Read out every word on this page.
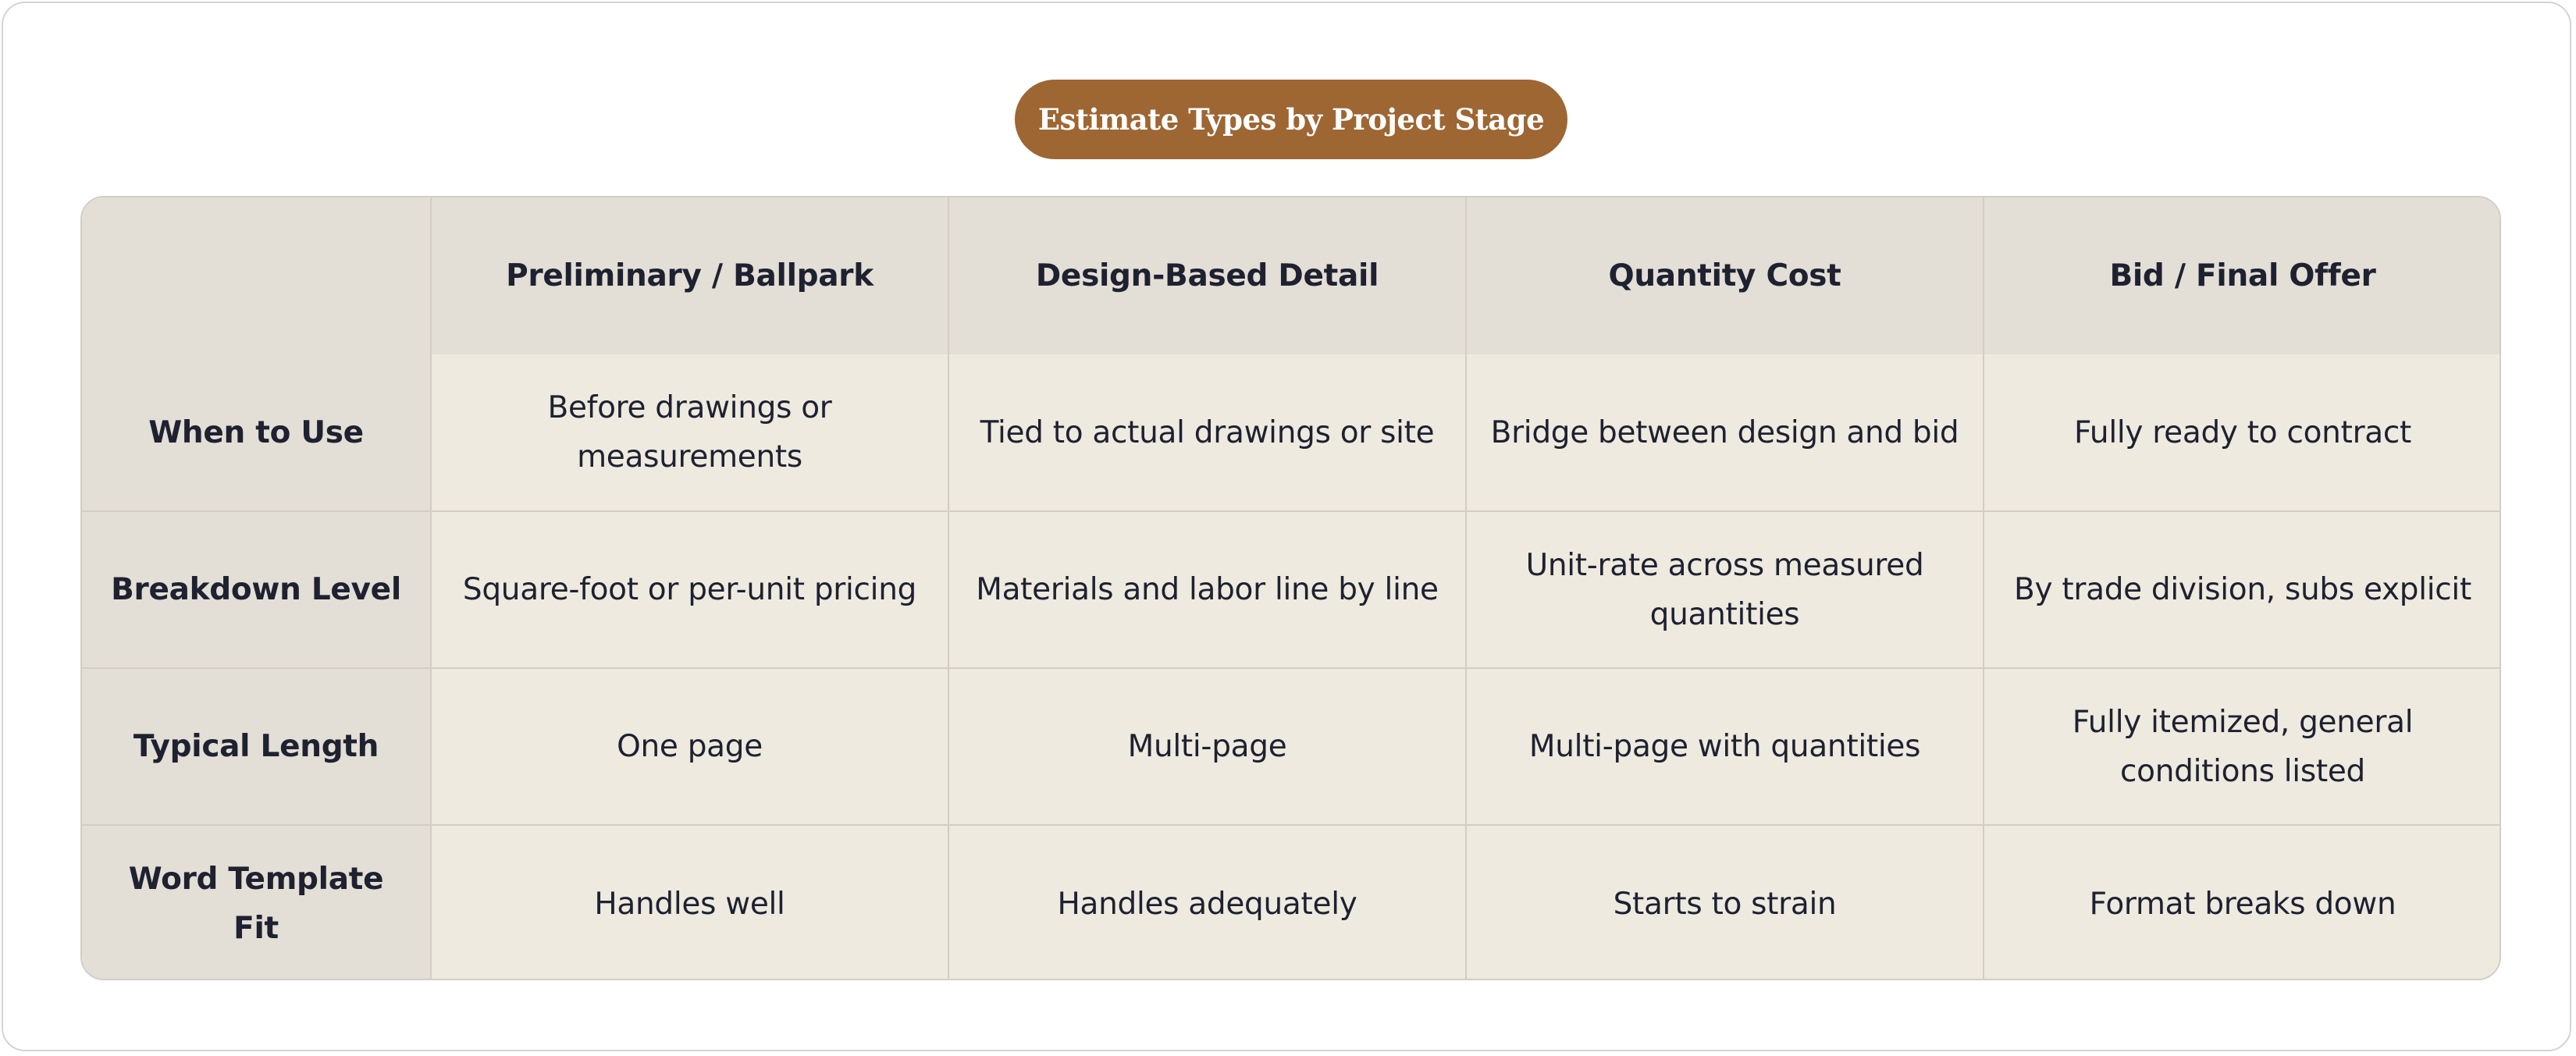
Estimate Types by Project Stage
	Preliminary / Ballpark	Design-Based Detail	Quantity Cost	Bid / Final Offer
When to Use	Before drawings or measurements	Tied to actual drawings or site	Bridge between design and bid	Fully ready to contract
Breakdown Level	Square-foot or per-unit pricing	Materials and labor line by line	Unit-rate across measured quantities	By trade division, subs explicit
Typical Length	One page	Multi-page	Multi-page with quantities	Fully itemized, general conditions listed
Word Template Fit	Handles well	Handles adequately	Starts to strain	Format breaks down
